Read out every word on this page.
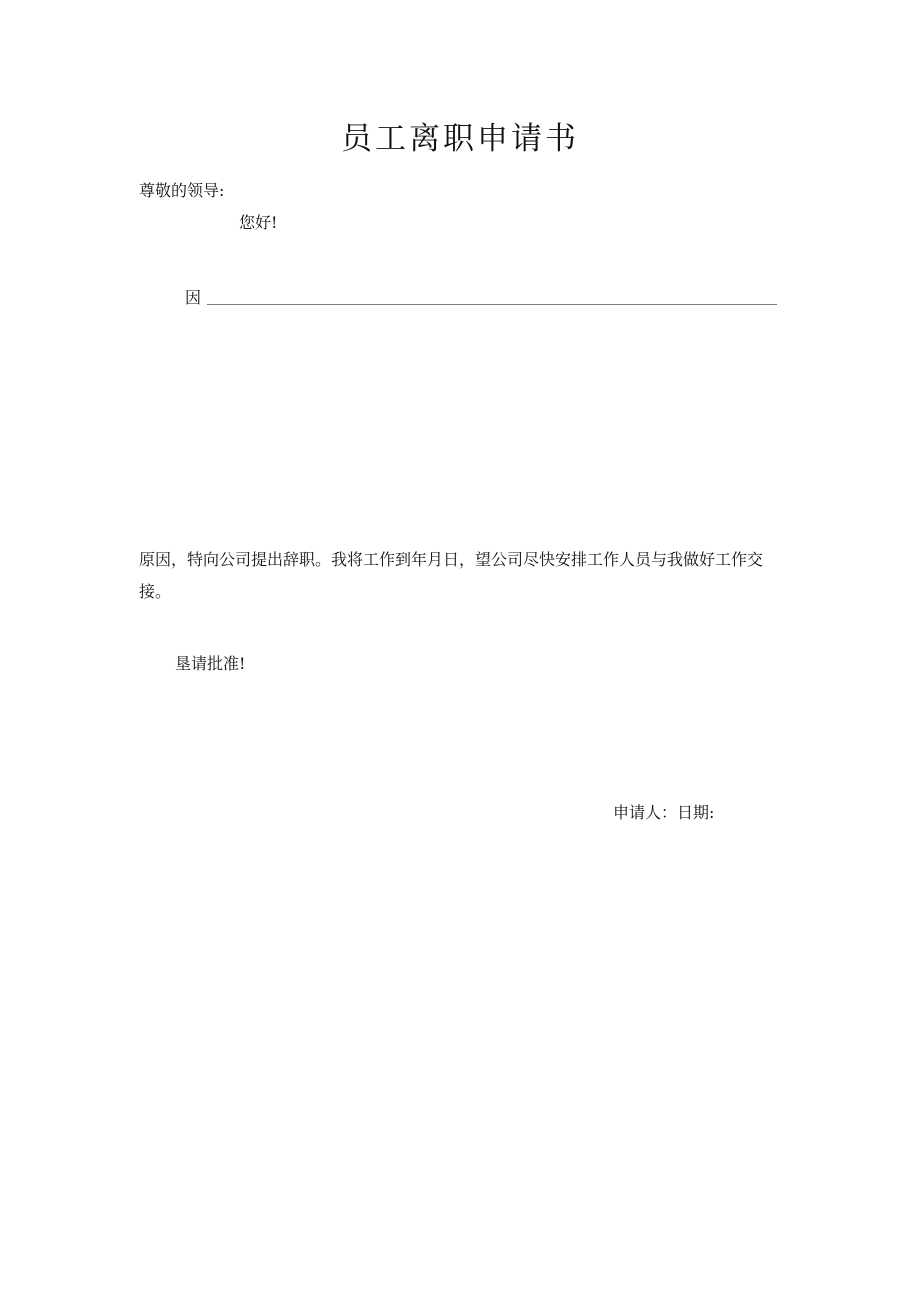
员工离职申请书
尊敬的领导:
您好!
因
原因，特向公司提出辞职。我将工作到年月日，望公司尽快安排工作人员与我做好工作交接。
垦请批准!
申请人：日期:
